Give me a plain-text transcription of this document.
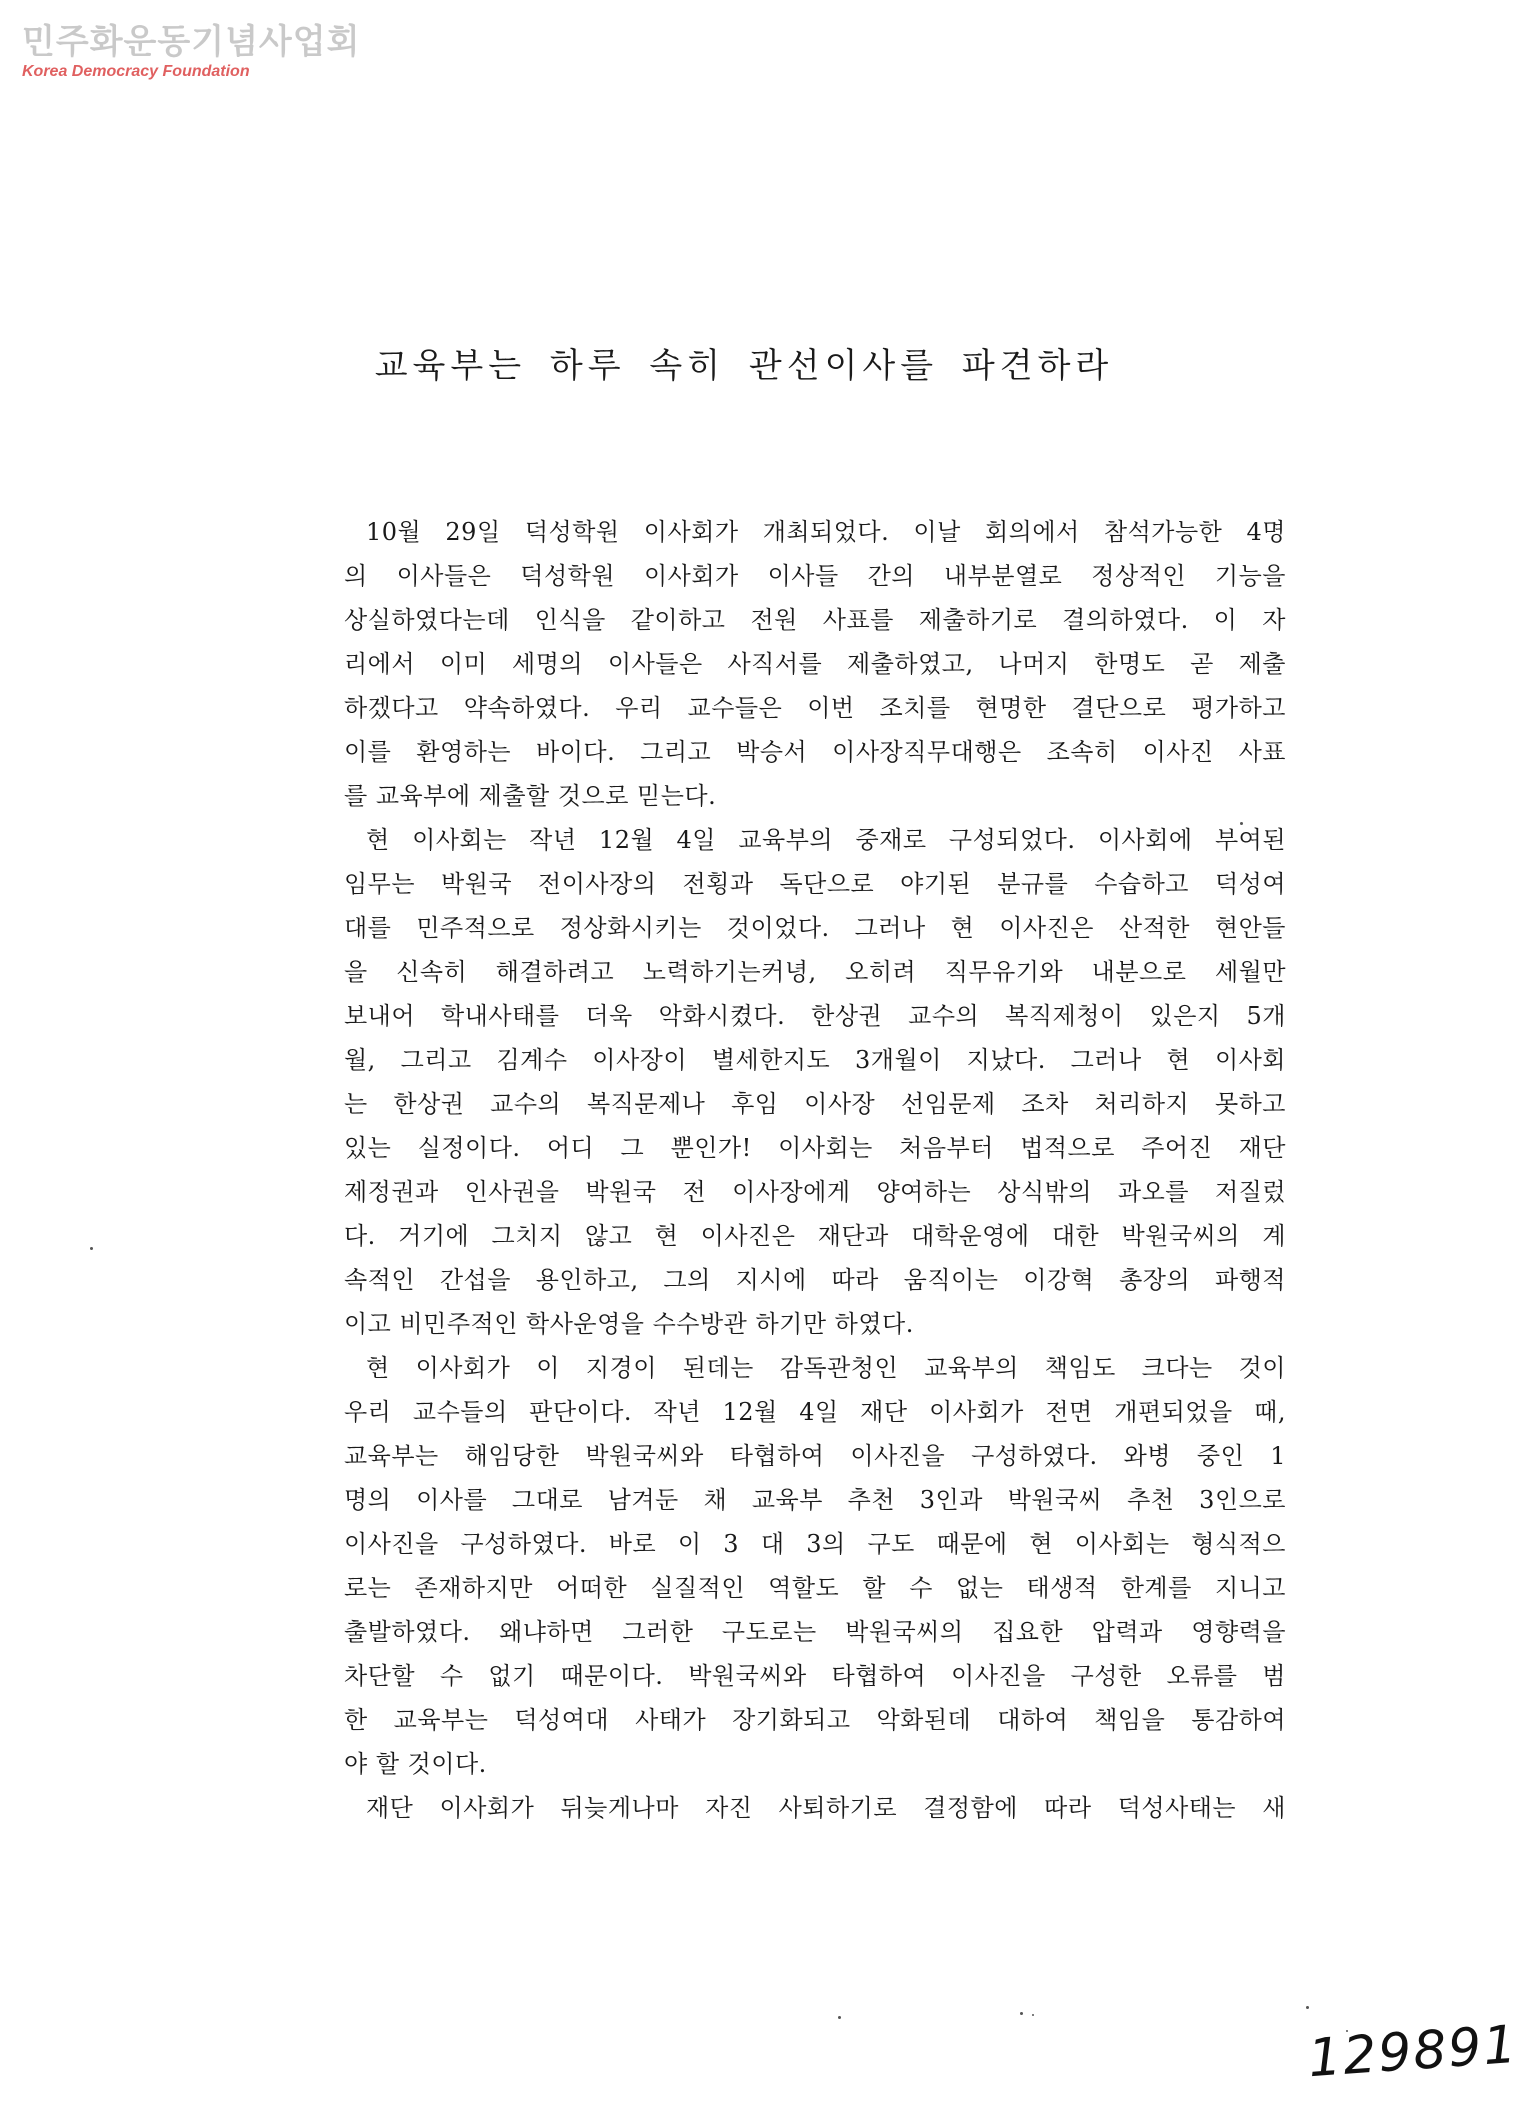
민주화운동기념사업회
Korea Democracy Foundation
교육부는 하루 속히 관선이사를 파견하라
10월 29일 덕성학원 이사회가 개최되었다. 이날 회의에서 참석가능한 4명
의 이사들은 덕성학원 이사회가 이사들 간의 내부분열로 정상적인 기능을
상실하였다는데 인식을 같이하고 전원 사표를 제출하기로 결의하였다. 이 자
리에서 이미 세명의 이사들은 사직서를 제출하였고, 나머지 한명도 곧 제출
하겠다고 약속하였다. 우리 교수들은 이번 조치를 현명한 결단으로 평가하고
이를 환영하는 바이다. 그리고 박승서 이사장직무대행은 조속히 이사진 사표
를 교육부에 제출할 것으로 믿는다.
현 이사회는 작년 12월 4일 교육부의 중재로 구성되었다. 이사회에 부여된
임무는 박원국 전이사장의 전횡과 독단으로 야기된 분규를 수습하고 덕성여
대를 민주적으로 정상화시키는 것이었다. 그러나 현 이사진은 산적한 현안들
을 신속히 해결하려고 노력하기는커녕, 오히려 직무유기와 내분으로 세월만
보내어 학내사태를 더욱 악화시켰다. 한상권 교수의 복직제청이 있은지 5개
월, 그리고 김계수 이사장이 별세한지도 3개월이 지났다. 그러나 현 이사회
는 한상권 교수의 복직문제나 후임 이사장 선임문제 조차 처리하지 못하고
있는 실정이다. 어디 그 뿐인가! 이사회는 처음부터 법적으로 주어진 재단
제정권과 인사권을 박원국 전 이사장에게 양여하는 상식밖의 과오를 저질렀
다. 거기에 그치지 않고 현 이사진은 재단과 대학운영에 대한 박원국씨의 계
속적인 간섭을 용인하고, 그의 지시에 따라 움직이는 이강혁 총장의 파행적
이고 비민주적인 학사운영을 수수방관 하기만 하였다.
현 이사회가 이 지경이 된데는 감독관청인 교육부의 책임도 크다는 것이
우리 교수들의 판단이다. 작년 12월 4일 재단 이사회가 전면 개편되었을 때,
교육부는 해임당한 박원국씨와 타협하여 이사진을 구성하였다. 와병 중인 1
명의 이사를 그대로 남겨둔 채 교육부 추천 3인과 박원국씨 추천 3인으로
이사진을 구성하였다. 바로 이 3 대 3의 구도 때문에 현 이사회는 형식적으
로는 존재하지만 어떠한 실질적인 역할도 할 수 없는 태생적 한계를 지니고
출발하였다. 왜냐하면 그러한 구도로는 박원국씨의 집요한 압력과 영향력을
차단할 수 없기 때문이다. 박원국씨와 타협하여 이사진을 구성한 오류를 범
한 교육부는 덕성여대 사태가 장기화되고 악화된데 대하여 책임을 통감하여
야 할 것이다.
재단 이사회가 뒤늦게나마 자진 사퇴하기로 결정함에 따라 덕성사태는 새
129891
